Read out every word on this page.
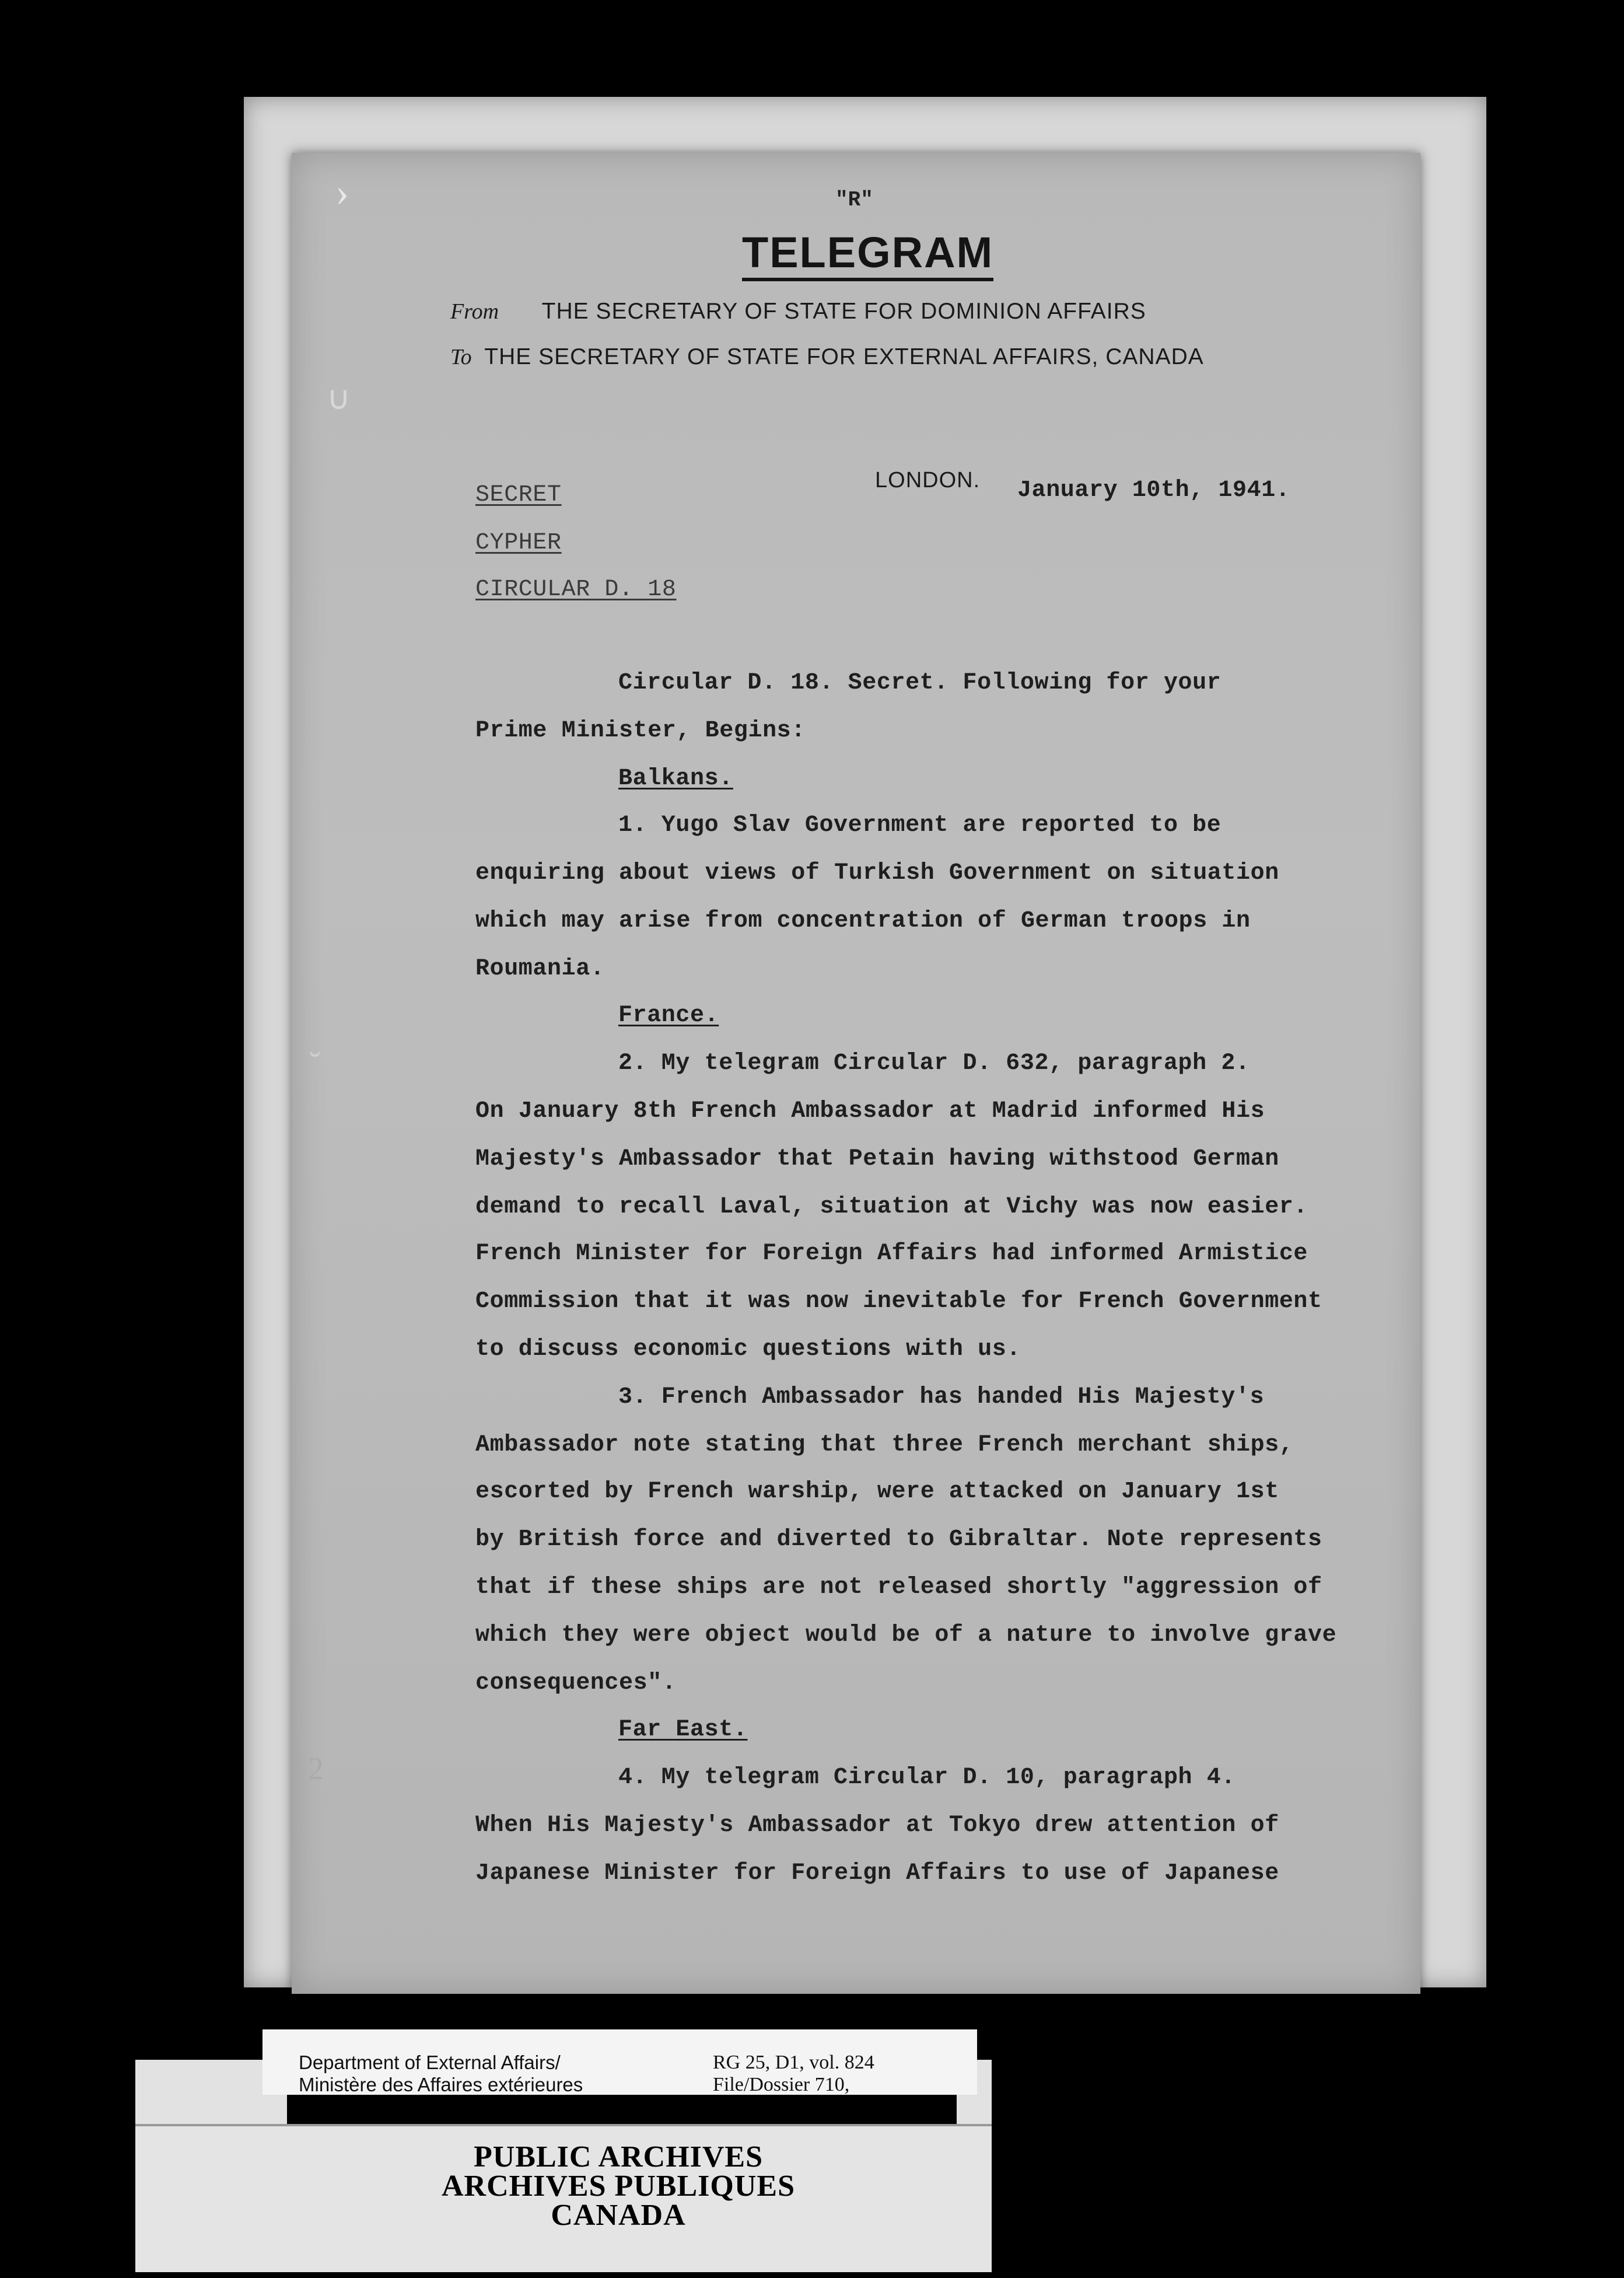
"R"
TELEGRAM
From THE SECRETARY OF STATE FOR DOMINION AFFAIRS
To THE SECRETARY OF STATE FOR EXTERNAL AFFAIRS, CANADA
LONDON. January 10th, 1941.
SECRET
CYPHER
CIRCULAR D. 18
Circular D. 18. Secret. Following for your
Prime Minister, Begins:
Balkans.
1. Yugo Slav Government are reported to be
enquiring about views of Turkish Government on situation
which may arise from concentration of German troops in
Roumania.
France.
2. My telegram Circular D. 632, paragraph 2.
On January 8th French Ambassador at Madrid informed His
Majesty's Ambassador that Petain having withstood German
demand to recall Laval, situation at Vichy was now easier.
French Minister for Foreign Affairs had informed Armistice
Commission that it was now inevitable for French Government
to discuss economic questions with us.
3. French Ambassador has handed His Majesty's
Ambassador note stating that three French merchant ships,
escorted by French warship, were attacked on January 1st
by British force and diverted to Gibraltar. Note represents
that if these ships are not released shortly "aggression of
which they were object would be of a nature to involve grave
consequences".
Far East.
4. My telegram Circular D. 10, paragraph 4.
When His Majesty's Ambassador at Tokyo drew attention of
Japanese Minister for Foreign Affairs to use of Japanese
›
∪
˘
2
Department of External Affairs/
Ministère des Affaires extérieures
RG 25, D1, vol. 824
File/Dossier 710,
PUBLIC ARCHIVES
ARCHIVES PUBLIQUES
CANADA
